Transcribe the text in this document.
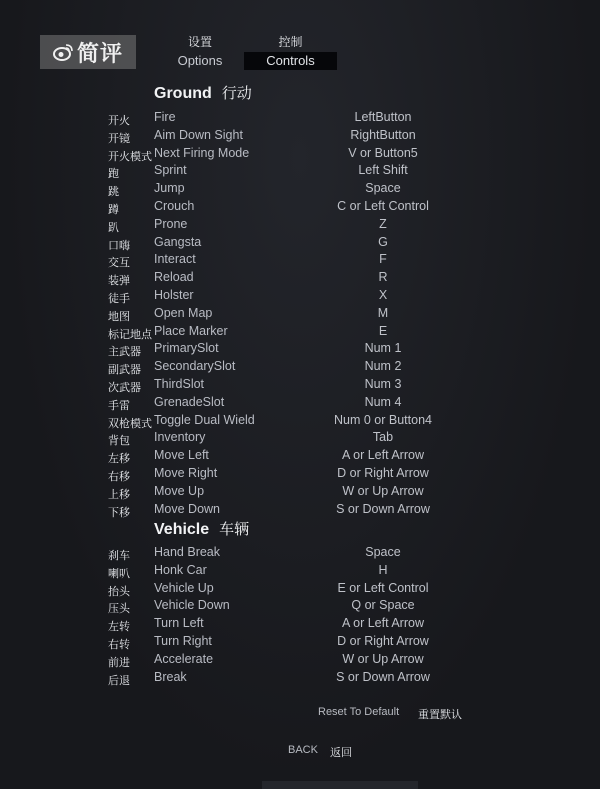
简评	设置
Options
控制
Controls
Ground 行动
开火 Fire	LeftButton
开镜 Aim Down Sight	RightButton
开火模式 Next Firing Mode	V or Button5
跑	Sprint	Left Shift
跳	Jump	Space
蹲	Crouch	C or Left Control
趴	Prone	Z
口嗨 Gangsta	G
交互 Interact	F
装弹 Reload	R
徒手 Holster	X
地图 Open Map	M
标记地点 Place Marker	E
主武器 PrimarySlot	Num 1
副武器 SecondarySlot	Num 2
次武器 ThirdSlot	Num 3
手雷 GrenadeSlot	Num 4
双枪模式 Toggle Dual Wield	Num 0 or Button4
背包 Inventory	Tab
左移 Move Left	A or Left Arrow
右移 Move Right	D or Right Arrow
上移 Move Up	W or Up Arrow
下移 Move Down	S or Down Arrow
Vehicle 车辆
刹车 Hand Break	Space
喇叭 Honk Car	H
抬头 Vehicle Up	E or Left Control
压头 Vehicle Down	Q or Space
左转 Turn Left	A or Left Arrow
右转 Turn Right	D or Right Arrow
前进 Accelerate	W or Up Arrow
后退 Break	S or Down Arrow
Reset To Default 重置默认
BACK 返回
